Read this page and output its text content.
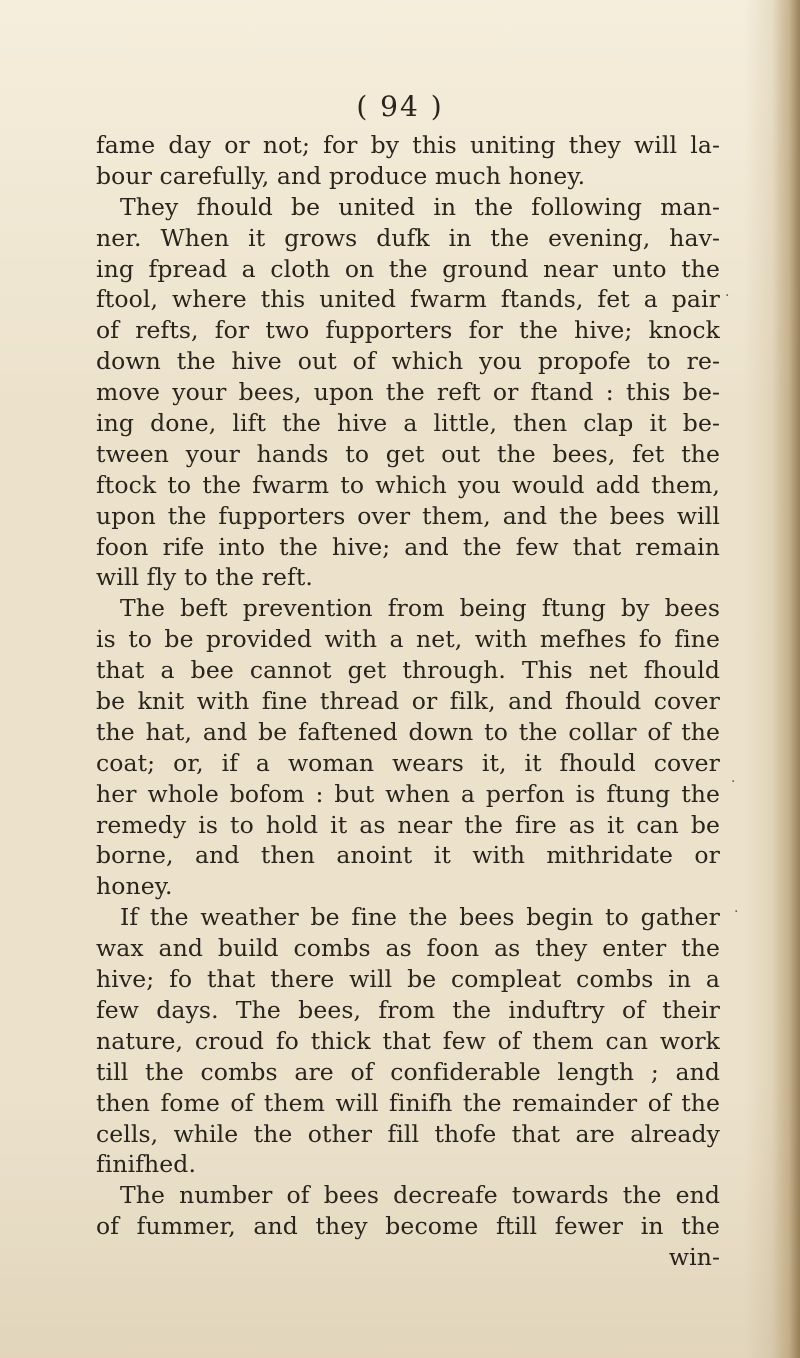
( 94 )
fame day or not; for by this uniting they will la-
bour carefully, and produce much honey.
They fhould be united in the following man-
ner. When it grows dufk in the evening, hav-
ing fpread a cloth on the ground near unto the
ftool, where this united fwarm ftands, fet a pair
of refts, for two fupporters for the hive; knock
down the hive out of which you propofe to re-
move your bees, upon the reft or ftand : this be-
ing done, lift the hive a little, then clap it be-
tween your hands to get out the bees, fet the
ftock to the fwarm to which you would add them,
upon the fupporters over them, and the bees will
foon rife into the hive; and the few that remain
will fly to the reft.
The beft prevention from being ftung by bees
is to be provided with a net, with mefhes fo fine
that a bee cannot get through. This net fhould
be knit with fine thread or filk, and fhould cover
the hat, and be faftened down to the collar of the
coat; or, if a woman wears it, it fhould cover
her whole bofom : but when a perfon is ftung the
remedy is to hold it as near the fire as it can be
borne, and then anoint it with mithridate or
honey.
If the weather be fine the bees begin to gather
wax and build combs as foon as they enter the
hive; fo that there will be compleat combs in a
few days. The bees, from the induftry of their
nature, croud fo thick that few of them can work
till the combs are of confiderable length ; and
then fome of them will finifh the remainder of the
cells, while the other fill thofe that are already
finifhed.
The number of bees decreafe towards the end
of fummer, and they become ftill fewer in the
win-
·
·
·
